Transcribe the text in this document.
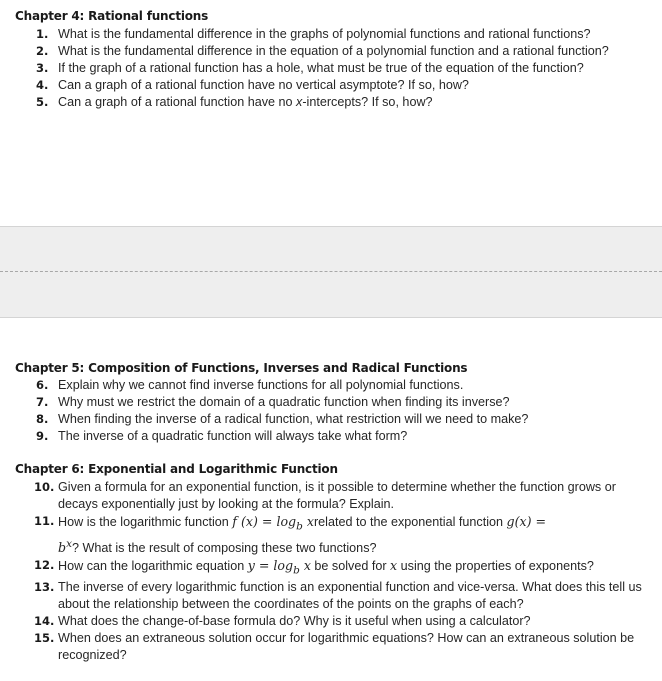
Chapter 4: Rational functions
1. What is the fundamental difference in the graphs of polynomial functions and rational functions?
2. What is the fundamental difference in the equation of a polynomial function and a rational function?
3. If the graph of a rational function has a hole, what must be true of the equation of the function?
4. Can a graph of a rational function have no vertical asymptote? If so, how?
5. Can a graph of a rational function have no x-intercepts? If so, how?
Chapter 5: Composition of Functions, Inverses and Radical Functions
6. Explain why we cannot find inverse functions for all polynomial functions.
7. Why must we restrict the domain of a quadratic function when finding its inverse?
8. When finding the inverse of a radical function, what restriction will we need to make?
9. The inverse of a quadratic function will always take what form?
Chapter 6: Exponential and Logarithmic Function
10. Given a formula for an exponential function, is it possible to determine whether the function grows or decays exponentially just by looking at the formula? Explain.
11. How is the logarithmic function f $(x) = \log_b$ xrelated to the exponential function g(x) =
$b^x$? What is the result of composing these two functions?
12. How can the logarithmic equation $y = \log_b x$ be solved for x using the properties of exponents?
13. The inverse of every logarithmic function is an exponential function and vice-versa. What does this tell us about the relationship between the coordinates of the points on the graphs of each?
14. What does the change-of-base formula do? Why is it useful when using a calculator?
15. When does an extraneous solution occur for logarithmic equations? How can an extraneous solution be recognized?
